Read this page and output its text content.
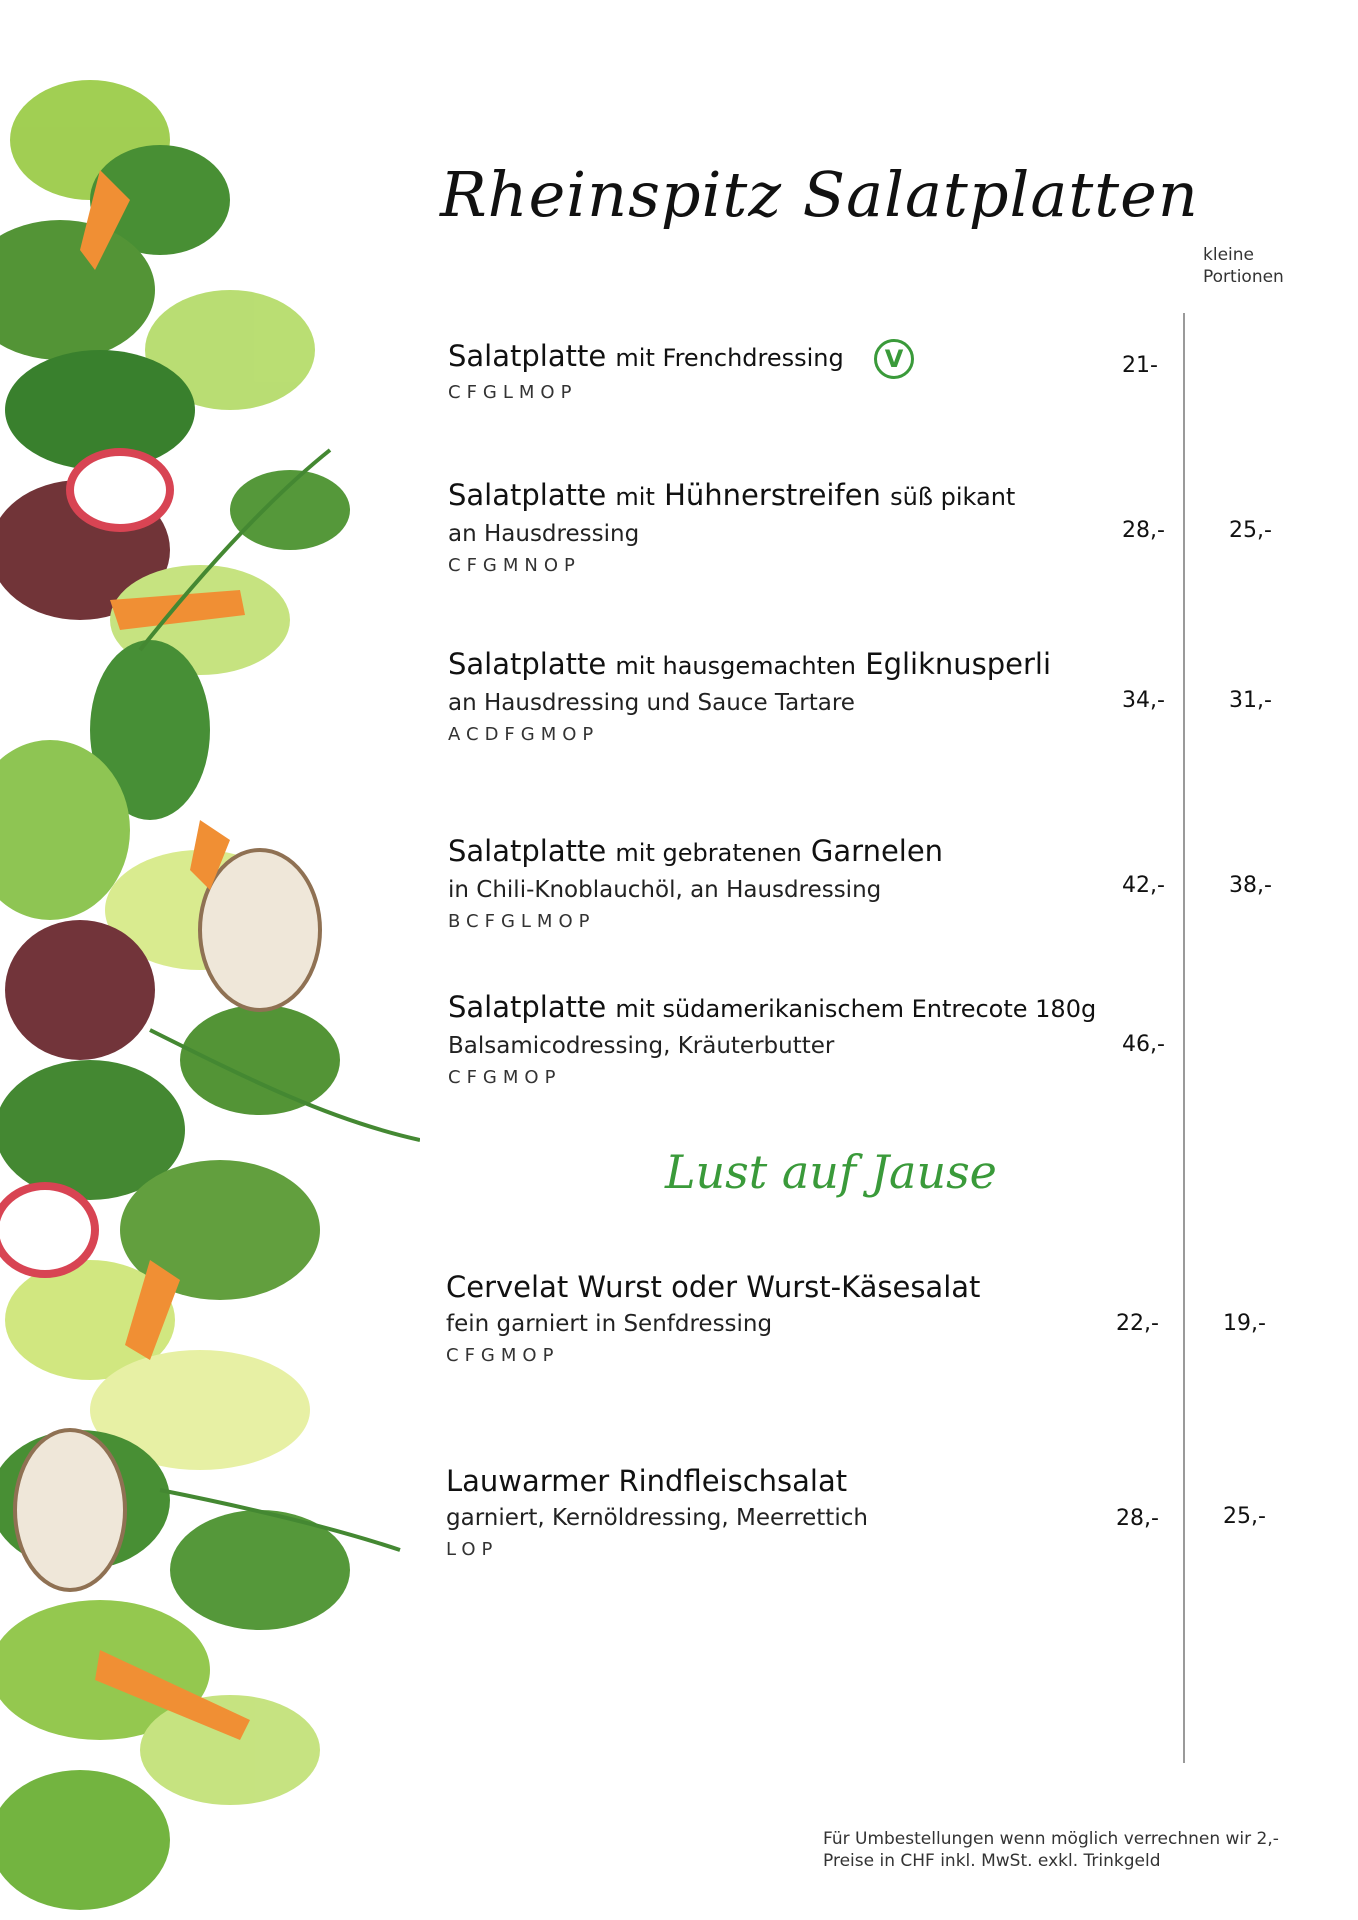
Rheinspitz Salatplatten
kleine
Portionen
Salatplatte mit Frenchdressing
CFGLMOP
V	21-
Salatplatte mit Hühnerstreifen süß pikant
an Hausdressing
CFGMNOP
28,-	25,-
Salatplatte mit hausgemachten Egliknusperli
an Hausdressing und Sauce Tartare
ACDFGMOP
34,-	31,-
Salatplatte mit gebratenen Garnelen
in Chili-Knoblauchöl, an Hausdressing
BCFGLMOP
42,-	38,-
Salatplatte mit südamerikanischem Entrecote 180g
Balsamicodressing, Kräuterbutter
CFGMOP
46,-
Lust auf Jause
Cervelat Wurst oder Wurst-Käsesalat
fein garniert in Senfdressing
CFGMOP
22,-	19,-
Lauwarmer Rindfleischsalat
garniert, Kernöldressing, Meerrettich
LOP
28,-	25,-
Für Umbestellungen wenn möglich verrechnen wir 2,-
Preise in CHF inkl. MwSt. exkl. Trinkgeld
